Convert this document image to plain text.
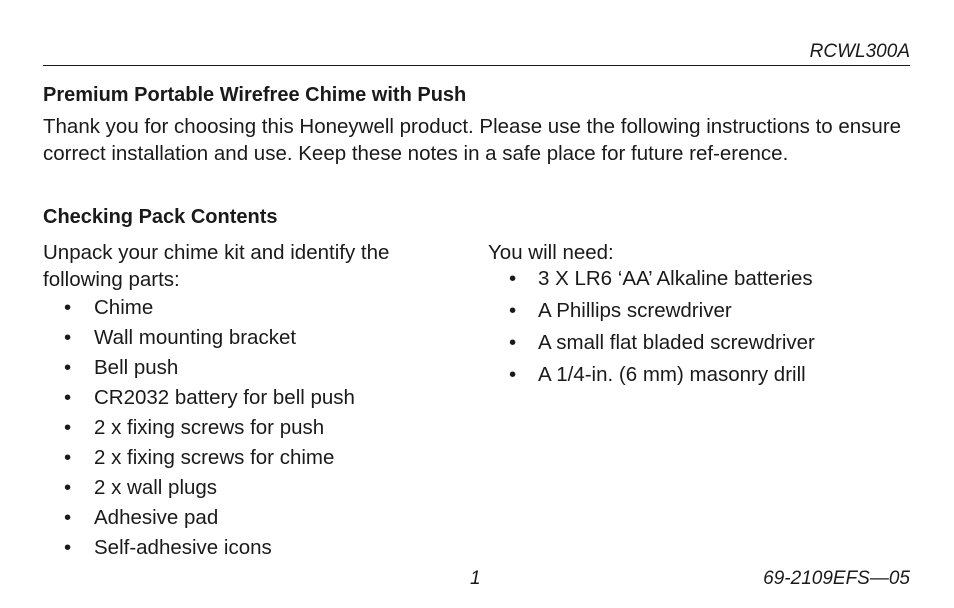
RCWL300A
Premium Portable Wirefree Chime with Push

Thank you for choosing this Honeywell product. Please use the following instructions to ensure correct installation and use. Keep these notes in a safe place for future ref-erence.

Checking Pack Contents

Unpack your chime kit and identify the following parts:

• Chime
• Wall mounting bracket
• Bell push
• CR2032 battery for bell push
• 2 x fixing screws for push
• 2 x fixing screws for chime
• 2 x wall plugs
• Adhesive pad
• Self-adhesive icons

You will need:

• 3 X LR6 ‘AA’ Alkaline batteries
• A Phillips screwdriver
• A small flat bladed screwdriver
• A 1/4-in. (6 mm) masonry drill
1	69-2109EFS—05
